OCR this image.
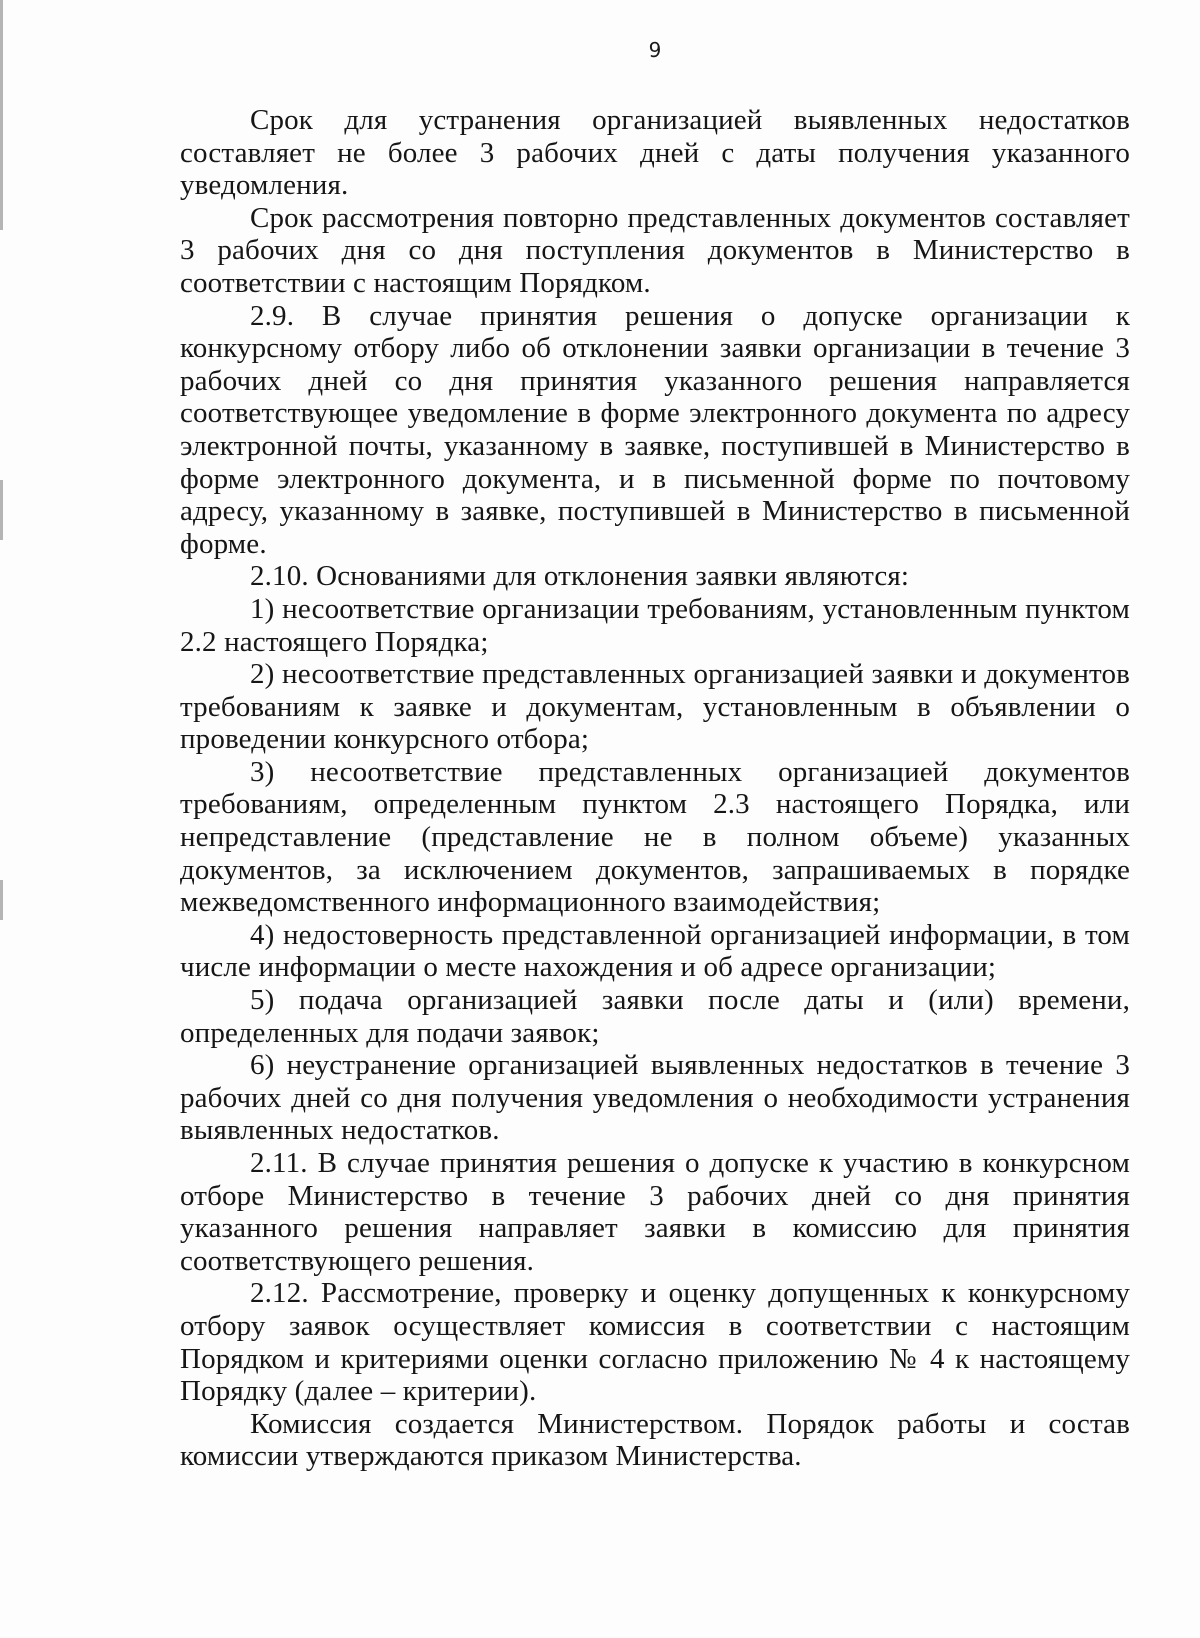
9

Срок для устранения организацией выявленных недостатков составляет не более 3 рабочих дней с даты получения указанного уведомления.

Срок рассмотрения повторно представленных документов составляет 3 рабочих дня со дня поступления документов в Министерство в соответствии с настоящим Порядком.

2.9. В случае принятия решения о допуске организации к конкурсному отбору либо об отклонении заявки организации в течение 3 рабочих дней со дня принятия указанного решения направляется соответствующее уведомление в форме электронного документа по адресу электронной почты, указанному в заявке, поступившей в Министерство в форме электронного документа, и в письменной форме по почтовому адресу, указанному в заявке, поступившей в Министерство в письменной форме.

2.10. Основаниями для отклонения заявки являются:

1) несоответствие организации требованиям, установленным пунктом 2.2 настоящего Порядка;

2) несоответствие представленных организацией заявки и документов требованиям к заявке и документам, установленным в объявлении о проведении конкурсного отбора;

3) несоответствие представленных организацией документов требованиям, определенным пунктом 2.3 настоящего Порядка, или непредставление (представление не в полном объеме) указанных документов, за исключением документов, запрашиваемых в порядке межведомственного информационного взаимодействия;

4) недостоверность представленной организацией информации, в том числе информации о месте нахождения и об адресе организации;

5) подача организацией заявки после даты и (или) времени, определенных для подачи заявок;

6) неустранение организацией выявленных недостатков в течение 3 рабочих дней со дня получения уведомления о необходимости устранения выявленных недостатков.

2.11. В случае принятия решения о допуске к участию в конкурсном отборе Министерство в течение 3 рабочих дней со дня принятия указанного решения направляет заявки в комиссию для принятия соответствующего решения.

2.12. Рассмотрение, проверку и оценку допущенных к конкурсному отбору заявок осуществляет комиссия в соответствии с настоящим Порядком и критериями оценки согласно приложению № 4 к настоящему Порядку (далее – критерии).

Комиссия создается Министерством. Порядок работы и состав комиссии утверждаются приказом Министерства.
